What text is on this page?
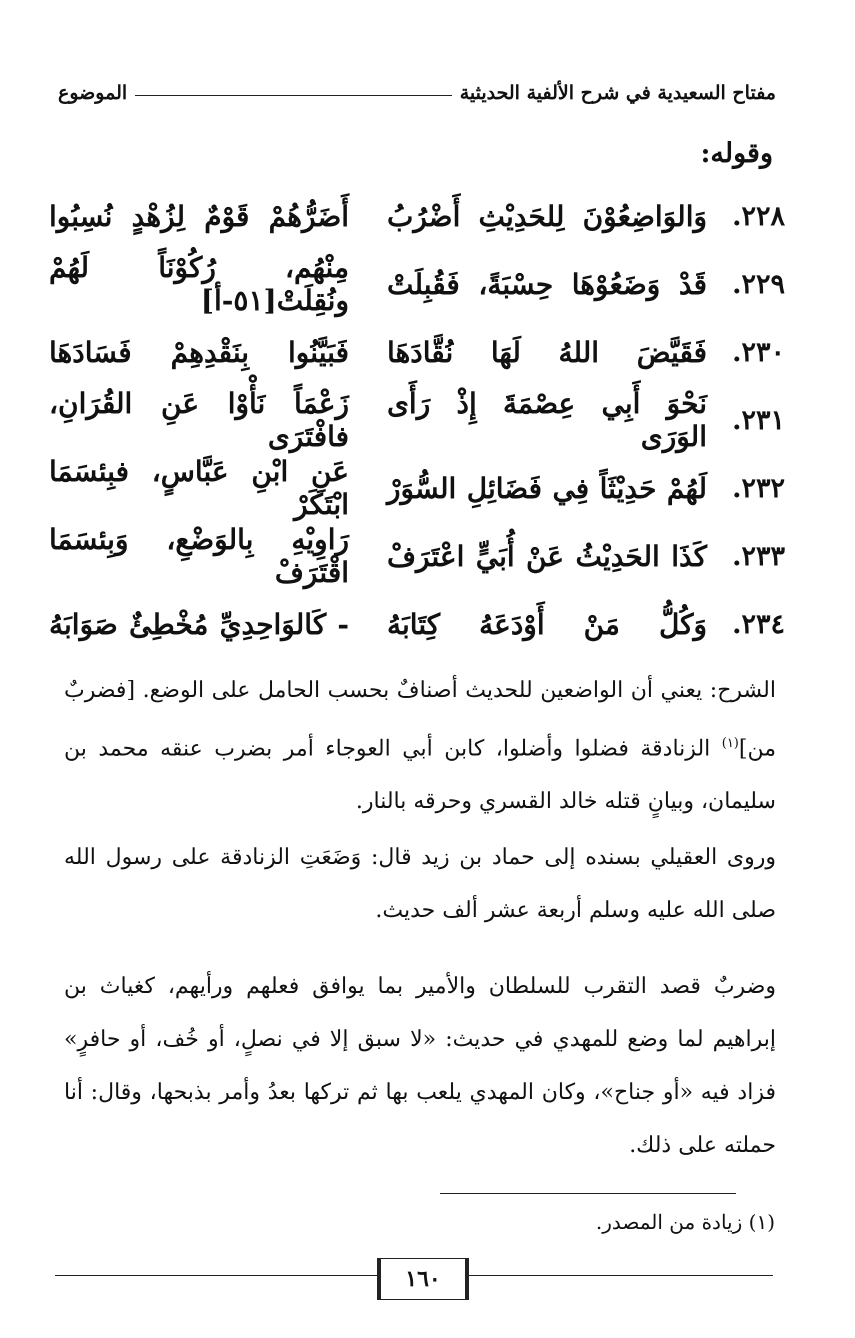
مفتاح السعيدية في شرح الألفية الحديثية
الموضوع
وقوله:
٢٢٨.
وَالوَاضِعُوْنَ لِلحَدِيْثِ أَضْرُبُ
أَضَرُّهُمْ قَوْمٌ لِزُهْدٍ نُسِبُوا
٢٢٩.
قَدْ وَضَعُوْهَا حِسْبَةً، فَقُبِلَتْ
مِنْهُم، رُكُوْنَاً لَهُمْ ونُقِلَتْ[٥١-أ]
٢٣٠.
فَقَيَّضَ اللهُ لَهَا نُقَّادَهَا
فَبَيَّنُوا بِنَقْدِهِمْ فَسَادَهَا
٢٣١.
نَحْوَ أَبِي عِصْمَةَ إِذْ رَأَى الوَرَى
زَعْمَاً نَأْوْا عَنِ القُرَانِ، فافْتَرَى
٢٣٢.
لَهُمْ حَدِيْثَاً فِي فَضَائِلِ السُّوَرْ
عَنِ ابْنِ عَبَّاسٍ، فبِئسَمَا ابْتَكَرْ
٢٣٣.
كَذَا الحَدِيْثُ عَنْ أُبَيٍّ اعْتَرَفْ
رَاوِيْهِ بِالوَضْعِ، وَبِئسَمَا اقْتَرَفْ
٢٣٤.
وَكُلُّ مَنْ أَوْدَعَهُ كِتَابَهُ
- كَالوَاحِدِيِّ مُخْطِئٌ صَوَابَهُ

الشرح: يعني أن الواضعين للحديث أصنافٌ بحسب الحامل على الوضع. [فضربٌ من]$^{(١)}$ الزنادقة فضلوا وأضلوا، كابن أبي العوجاء أمر بضرب عنقه محمد بن سليمان، وبيانٍ قتله خالد القسري وحرقه بالنار.

وروى العقيلي بسنده إلى حماد بن زيد قال: وَضَعَتِ الزنادقة على رسول الله صلى الله عليه وسلم أربعة عشر ألف حديث.

وضربٌ قصد التقرب للسلطان والأمير بما يوافق فعلهم ورأيهم، كغياث بن إبراهيم لما وضع للمهدي في حديث: «لا سبق إلا في نصلٍ، أو خُف، أو حافرٍ» فزاد فيه «أو جناح»، وكان المهدي يلعب بها ثم تركها بعدُ وأمر بذبحها، وقال: أنا حملته على ذلك.

(١) زيادة من المصدر.
١٦٠
